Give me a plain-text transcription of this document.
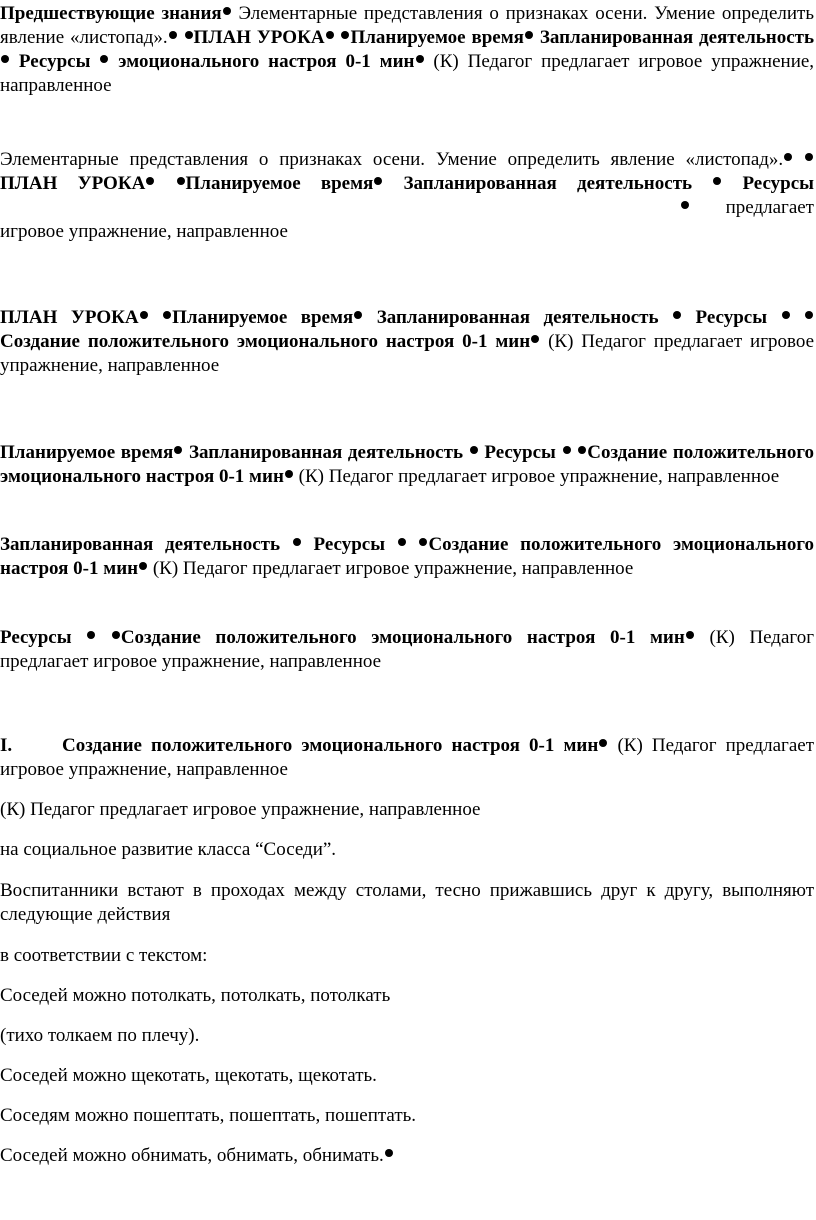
Предшествующие знания Элементарные представления о признаках осени. Умение определить явление «листопад». ПЛАН УРОКА Планируемое время Запланированная деятельность  Ресурсы эмоционального настроя 0-1 мин (К) Педагог предлагает игровое упражнение, направленное

Элементарные представления о признаках осени. Умение определить явление «листопад». ПЛАН УРОКА Планируемое время Запланированная деятельность	Ресурсы  предлагает игровое упражнение, направленное

ПЛАН УРОКА Планируемое время Запланированная деятельность Ресурсы  Создание положительного эмоционального настроя 0-1 мин (К) Педагог предлагает игровое упражнение, направленное

Планируемое время Запланированная деятельность Ресурсы Создание положительного эмоционального настроя 0-1 мин (К) Педагог предлагает игровое упражнение, направленное

Запланированная деятельность Ресурсы Создание положительного эмоционального настроя 0-1 мин (К) Педагог предлагает игровое упражнение, направленное

Ресурсы	Создание положительного эмоционального настроя 0-1 мин (К) Педагог предлагает игровое упражнение, направленное

I.	Создание положительного эмоционального настроя 0-1 мин (К) Педагог предлагает игровое упражнение, направленное

(К) Педагог предлагает игровое упражнение, направленное

на социальное развитие класса “Соседи”.

Воспитанники встают в проходах между столами, тесно прижавшись друг к другу, выполняют следующие действия

в соответствии с текстом:

Соседей можно потолкать, потолкать, потолкать

(тихо толкаем по плечу).

Соседей можно щекотать, щекотать, щекотать.

Соседям можно пошептать, пошептать, пошептать.

Соседей можно обнимать, обнимать, обнимать.
